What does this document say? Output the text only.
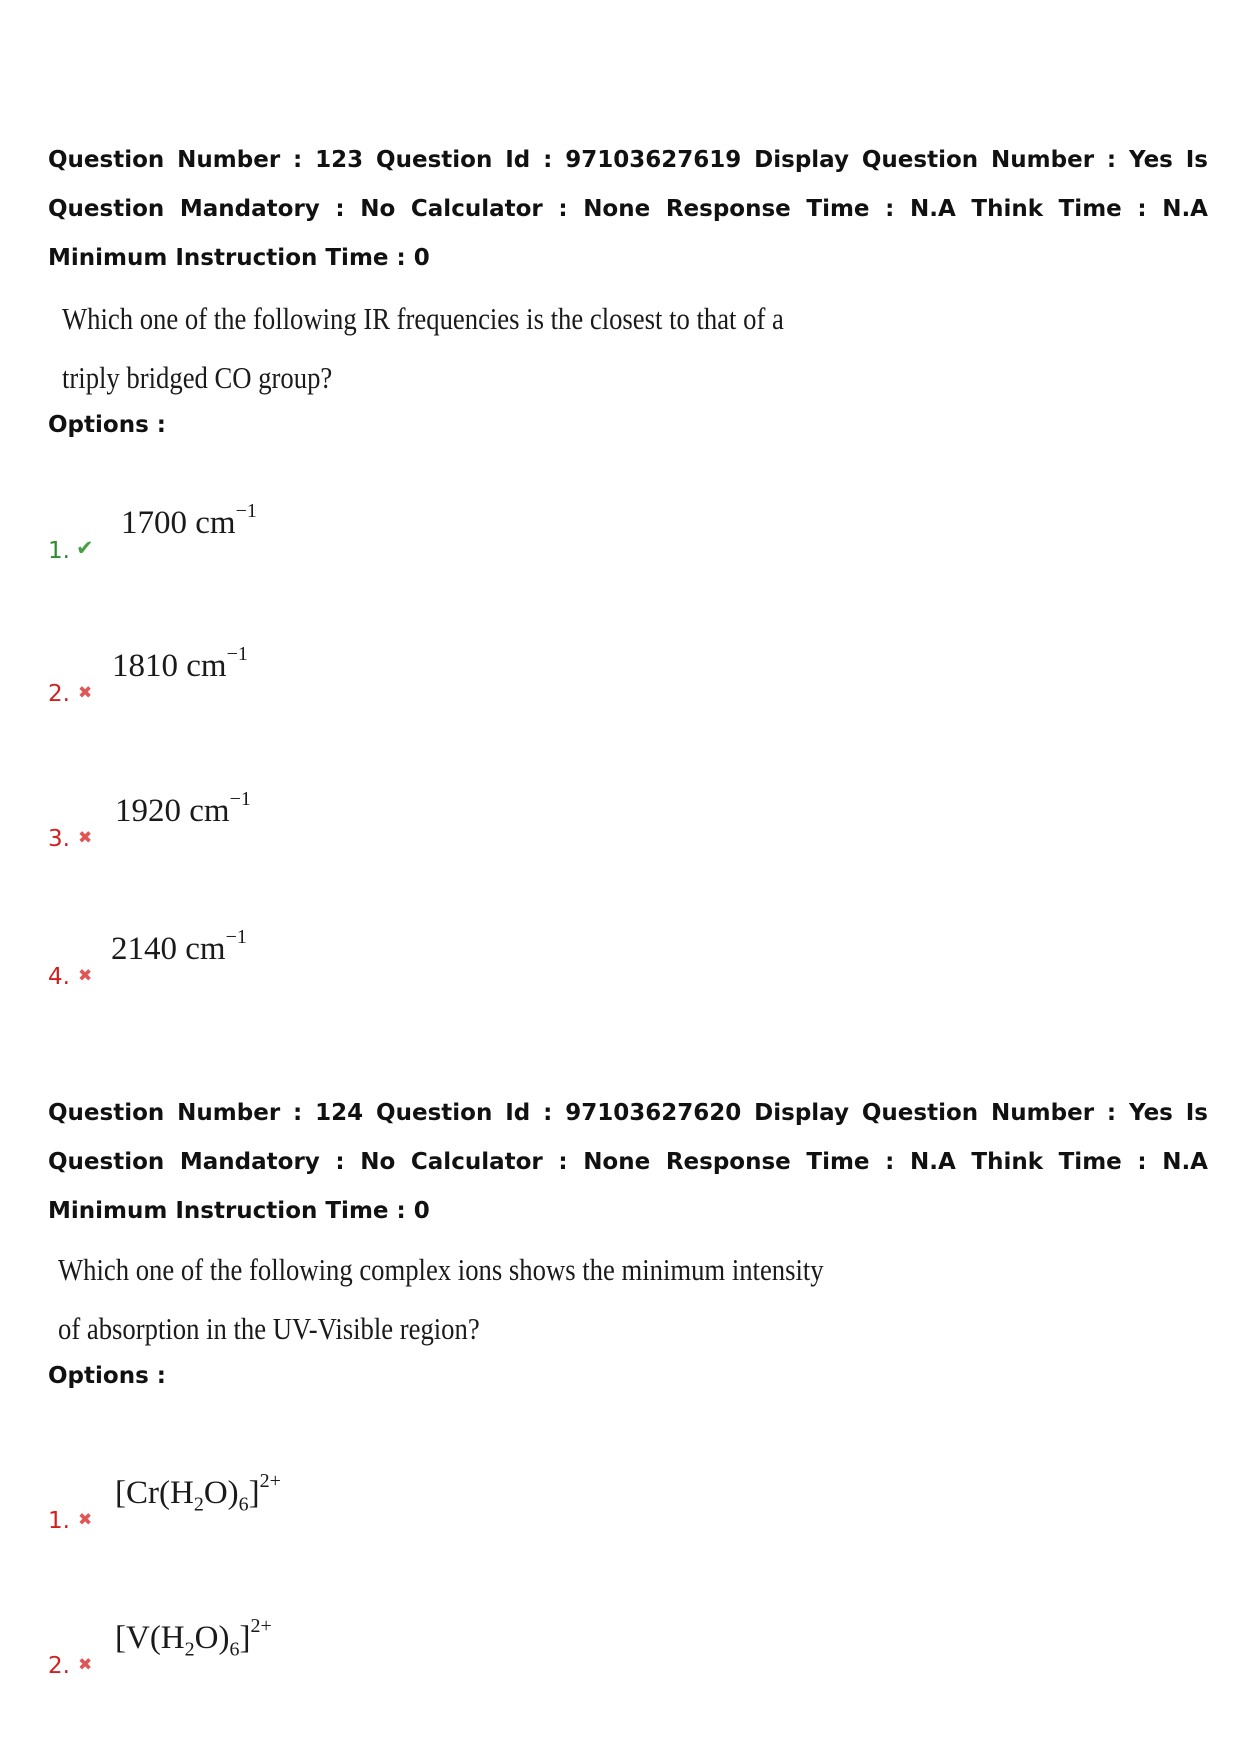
Question Number : 123 Question Id : 97103627619 Display Question Number : Yes Is Question Mandatory : No Calculator : None Response Time : N.A Think Time : N.A Minimum Instruction Time : 0

Which one of the following IR frequencies is the closest to that of a triply bridged CO group?

Options :

1. ✔
1700 $cm^{-1}$
2. ✖
1810 $cm^{-1}$
3. ✖
1920 $cm^{-1}$
4. ✖
2140 $cm^{-1}$

Question Number : 124 Question Id : 97103627620 Display Question Number : Yes Is Question Mandatory : No Calculator : None Response Time : N.A Think Time : N.A Minimum Instruction Time : 0

Which one of the following complex ions shows the minimum intensity of absorption in the UV-Visible region?

Options :

1. ✖
$[Cr(H_2O)_6]^{2+}$
2. ✖
$[V(H_2O)_6]^{2+}$
